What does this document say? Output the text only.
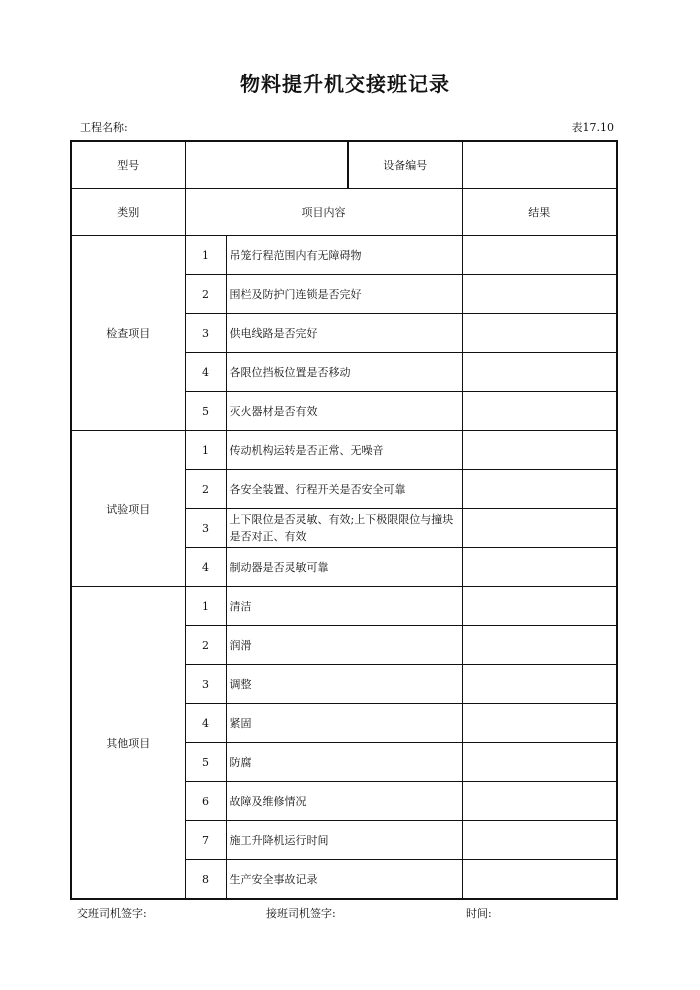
物料提升机交接班记录
工程名称:	表17.10
型号			设备编号	
类别	项目内容			结果
检查项目	1	吊笼行程范围内有无障碍物		
	2	围栏及防护门连锁是否完好		
	3	供电线路是否完好		
	4	各限位挡板位置是否移动		
	5	灭火器材是否有效		
试验项目	1	传动机构运转是否正常、无噪音		
	2	各安全装置、行程开关是否安全可靠		
	3	上下限位是否灵敏、有效;上下极限限位与撞块是否对正、有效		
	4	制动器是否灵敏可靠		
其他项目	1	清洁		
	2	润滑		
	3	调整		
	4	紧固		
	5	防腐		
	6	故障及维修情况		
	7	施工升降机运行时间		
	8	生产安全事故记录		
交班司机签字:	接班司机签字:	时间:
